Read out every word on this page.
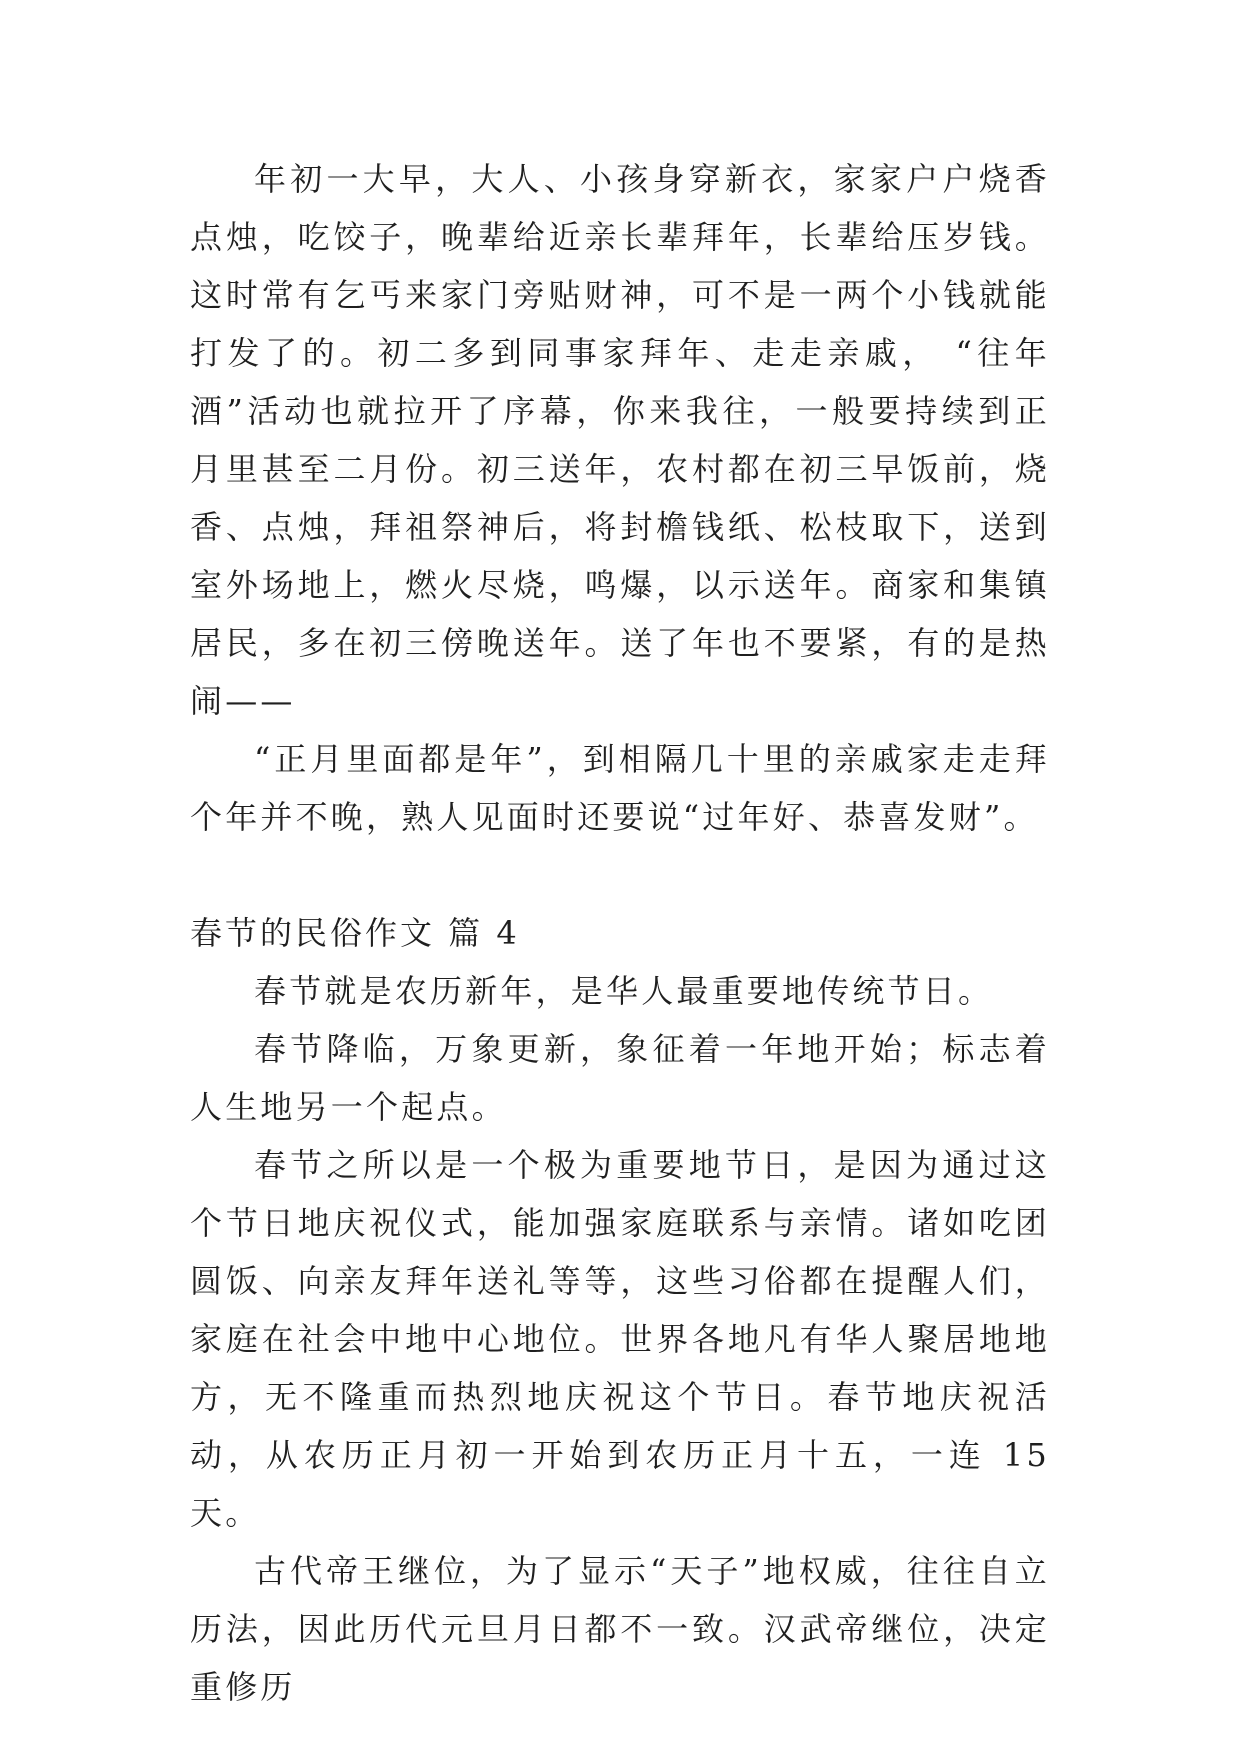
年初一大早，大人、小孩身穿新衣，家家户户烧香点烛，吃饺子，晚辈给近亲长辈拜年，长辈给压岁钱。这时常有乞丐来家门旁贴财神，可不是一两个小钱就能打发了的。初二多到同事家拜年、走走亲戚， “往年酒”活动也就拉开了序幕，你来我往，一般要持续到正月里甚至二月份。初三送年，农村都在初三早饭前，烧香、点烛，拜祖祭神后，将封檐钱纸、松枝取下，送到室外场地上，燃火尽烧，鸣爆，以示送年。商家和集镇居民，多在初三傍晚送年。送了年也不要紧，有的是热闹——

“正月里面都是年”，到相隔几十里的亲戚家走走拜个年并不晚，熟人见面时还要说“过年好、恭喜发财”。

春节的民俗作文 篇 4

春节就是农历新年，是华人最重要地传统节日。

春节降临，万象更新，象征着一年地开始；标志着人生地另一个起点。

春节之所以是一个极为重要地节日，是因为通过这个节日地庆祝仪式，能加强家庭联系与亲情。诸如吃团圆饭、向亲友拜年送礼等等，这些习俗都在提醒人们，家庭在社会中地中心地位。世界各地凡有华人聚居地地方，无不隆重而热烈地庆祝这个节日。春节地庆祝活动，从农历正月初一开始到农历正月十五，一连 15 天。

古代帝王继位，为了显示“天子”地权威，往往自立历法，因此历代元旦月日都不一致。汉武帝继位，决定重修历
